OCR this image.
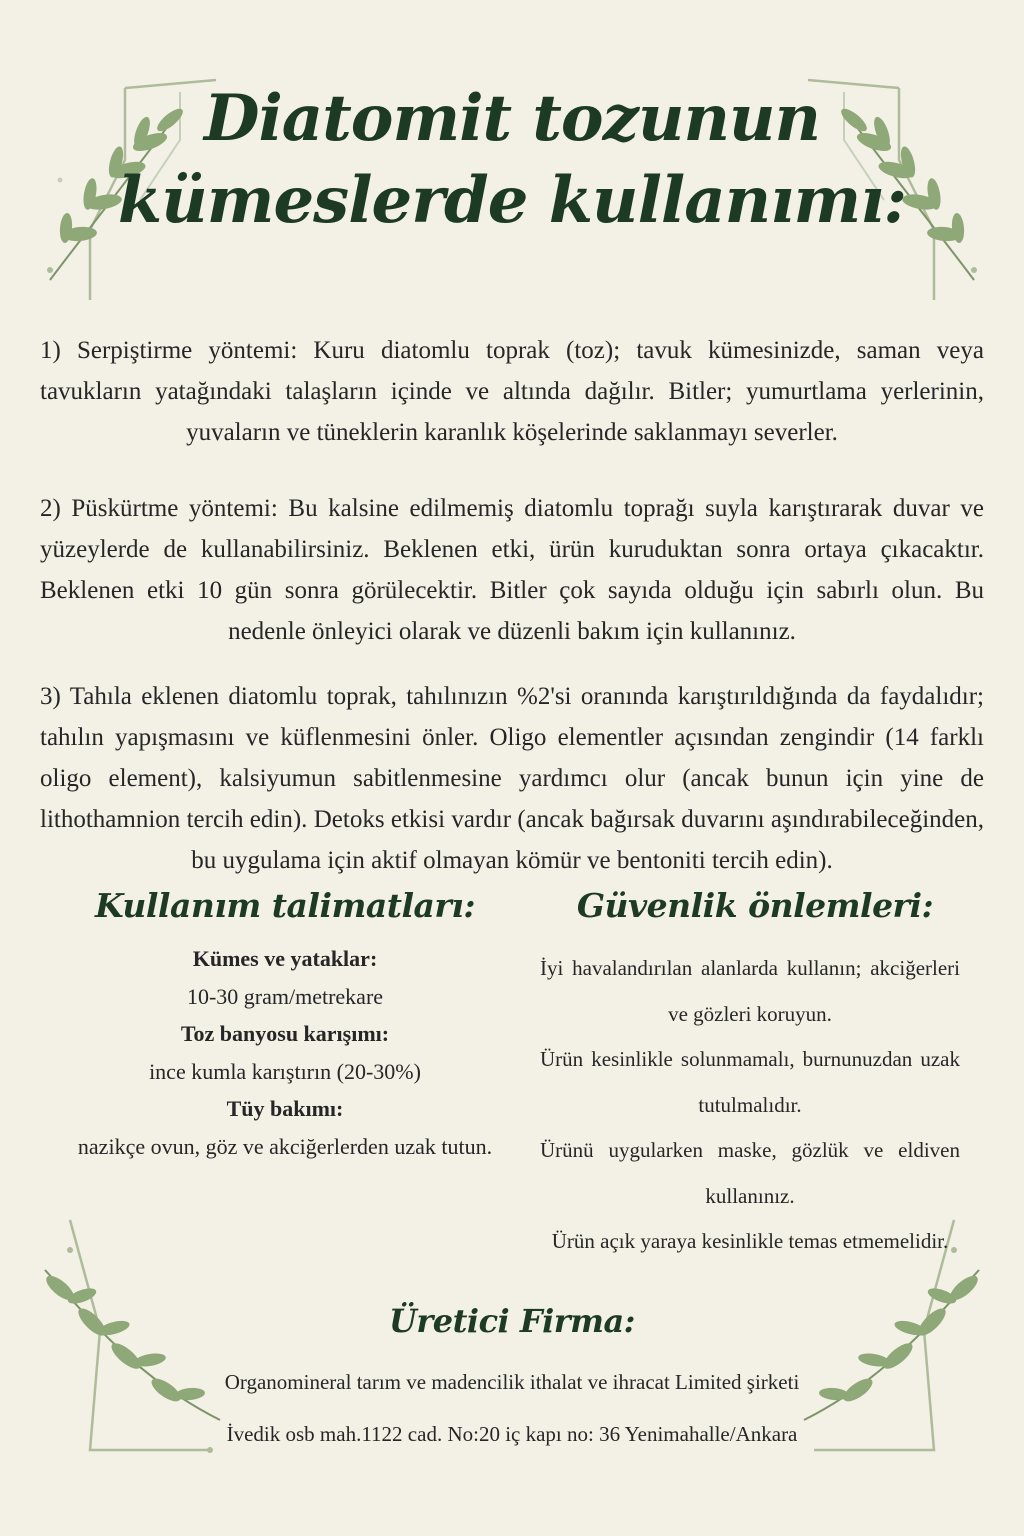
Diatomit tozunun
kümeslerde kullanımı:

1) Serpiştirme yöntemi: Kuru diatomlu toprak (toz); tavuk kümesinizde, saman veya tavukların yatağındaki talaşların içinde ve altında dağılır. Bitler; yumurtlama yerlerinin, yuvaların ve tüneklerin karanlık köşelerinde saklanmayı severler.

2) Püskürtme yöntemi: Bu kalsine edilmemiş diatomlu toprağı suyla karıştırarak duvar ve yüzeylerde de kullanabilirsiniz. Beklenen etki, ürün kuruduktan sonra ortaya çıkacaktır. Beklenen etki 10 gün sonra görülecektir. Bitler çok sayıda olduğu için sabırlı olun. Bu nedenle önleyici olarak ve düzenli bakım için kullanınız.

3) Tahıla eklenen diatomlu toprak, tahılınızın %2'si oranında karıştırıldığında da faydalıdır; tahılın yapışmasını ve küflenmesini önler. Oligo elementler açısından zengindir (14 farklı oligo element), kalsiyumun sabitlenmesine yardımcı olur (ancak bunun için yine de lithothamnion tercih edin). Detoks etkisi vardır (ancak bağırsak duvarını aşındırabileceğinden, bu uygulama için aktif olmayan kömür ve bentoniti tercih edin).

Kullanım talimatları:
Kümes ve yataklar:
10-30 gram/metrekare
Toz banyosu karışımı:
ince kumla karıştırın (20-30%)
Tüy bakımı:
nazikçe ovun, göz ve akciğerlerden uzak tutun.
Güvenlik önlemleri:
İyi havalandırılan alanlarda kullanın; akciğerleri ve gözleri koruyun.
Ürün kesinlikle solunmamalı, burnunuzdan uzak tutulmalıdır.
Ürünü uygularken maske, gözlük ve eldiven kullanınız.
Ürün açık yaraya kesinlikle temas etmemelidir.
Üretici Firma:

Organomineral tarım ve madencilik ithalat ve ihracat Limited şirketi

İvedik osb mah.1122 cad. No:20 iç kapı no: 36 Yenimahalle/Ankara
